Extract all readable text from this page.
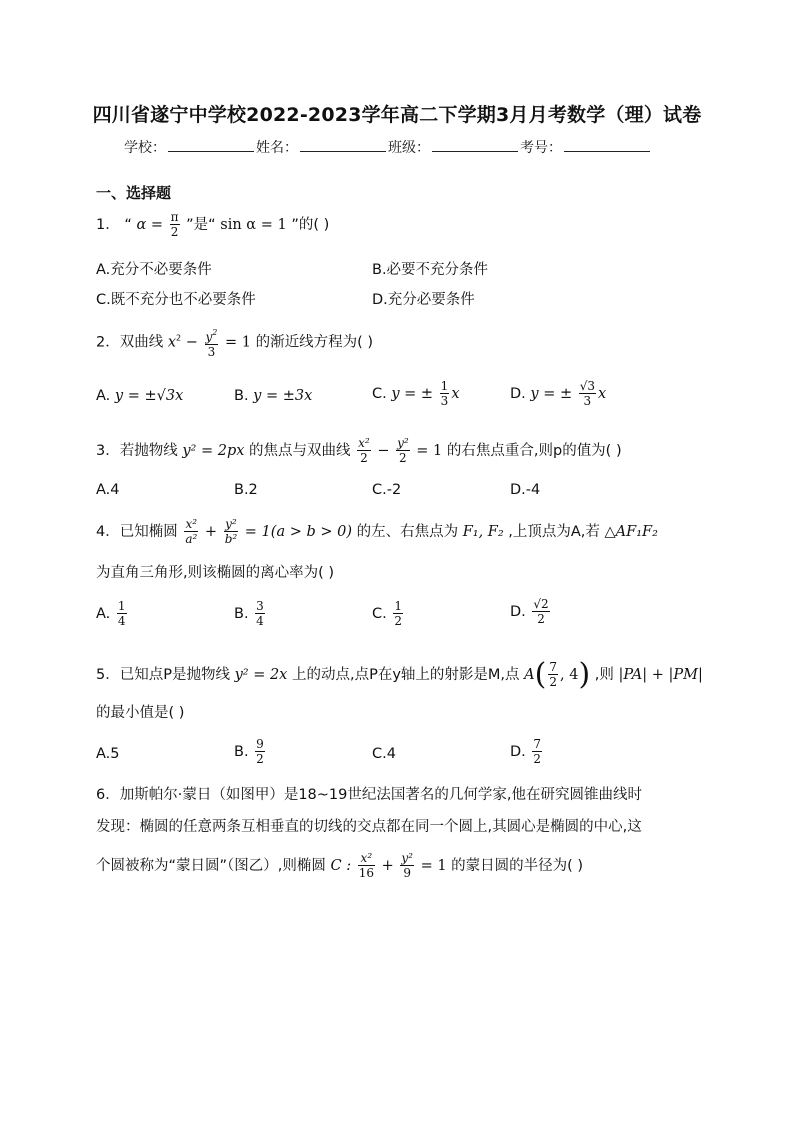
四川省遂宁中学校2022-2023学年高二下学期3月月考数学（理）试卷
学校：	姓名：	班级：	考号：
一、选择题
1． “ $\alpha = \frac{\pi}{2}$ ”是“ sin α = 1 ”的( )
A.充分不必要条件	B.必要不充分条件
C.既不充分也不必要条件	D.充分必要条件
2．双曲线 $x^2 - \frac{y^2}{3} = 1$ 的渐近线方程为( )
A. y = ±√3x	B. y = ±3x	C. y = ± $\frac{1}{3}$ x	D. y = ± $\frac{√3}{3}$ x
3．若抛物线 y² = 2px 的焦点与双曲线 $\frac{\text{x²}}{2} - \frac{\text{y²}}{2} = 1$ 的右焦点重合,则p的值为( )
A.4	B.2	C.-2	D.-4
4．已知椭圆 $\frac{\text{x²}}{\text{a²}} + \frac{\text{y²}}{\text{b²}} = 1(a > b > 0)$ 的左、右焦点为 F₁, F₂ ,上顶点为A,若 △AF₁F₂
为直角三角形,则该椭圆的离心率为( )
A. $\frac{1}{4}$	B. $\frac{3}{4}$	C. $\frac{1}{2}$	D. $\frac{√2}{2}$
5．已知点P是抛物线 y² = 2x 上的动点,点P在y轴上的射影是M,点 $A( \frac{7}{2}$ , 4) ,则 |PA| + |PM|
的最小值是( )
A.5	B. $\frac{9}{2}$	C.4	D. $\frac{7}{2}$
6．加斯帕尔·蒙日（如图甲）是18~19世纪法国著名的几何学家,他在研究圆锥曲线时
发现：椭圆的任意两条互相垂直的切线的交点都在同一个圆上,其圆心是椭圆的中心,这
个圆被称为“蒙日圆”（图乙）,则椭圆 C : $\frac{\text{x²}}{16} + \frac{\text{y²}}{9} = 1$ 的蒙日圆的半径为( )
